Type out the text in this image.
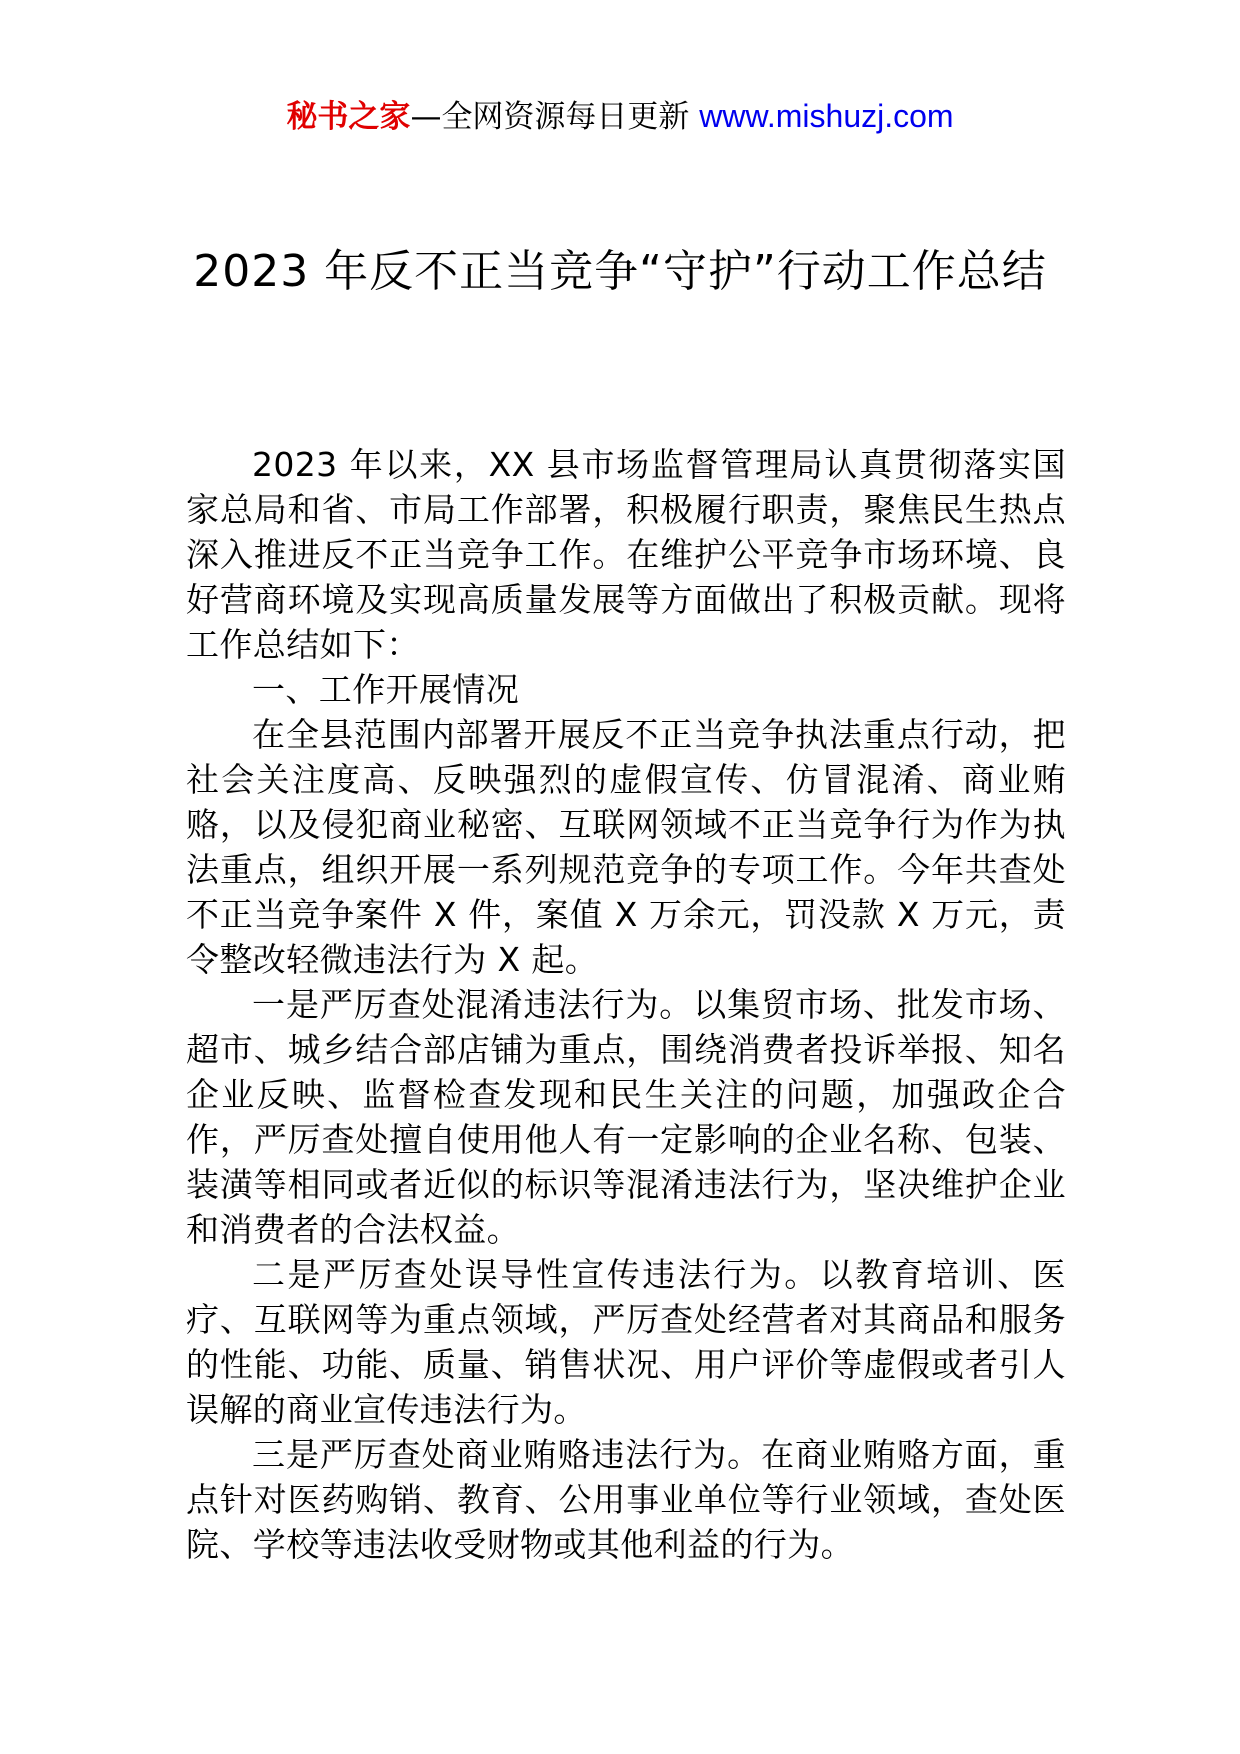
秘书之家—全网资源每日更新 www.mishuzj.com
2023 年反不正当竞争“守护”行动工作总结

2023 年以来，XX 县市场监督管理局认真贯彻落实国家总局和省、市局工作部署，积极履行职责，聚焦民生热点深入推进反不正当竞争工作。在维护公平竞争市场环境、良好营商环境及实现高质量发展等方面做出了积极贡献。现将工作总结如下：

一、工作开展情况

在全县范围内部署开展反不正当竞争执法重点行动，把社会关注度高、反映强烈的虚假宣传、仿冒混淆、商业贿赂，以及侵犯商业秘密、互联网领域不正当竞争行为作为执法重点，组织开展一系列规范竞争的专项工作。今年共查处不正当竞争案件 X 件，案值 X 万余元，罚没款 X 万元，责令整改轻微违法行为 X 起。

一是严厉查处混淆违法行为。以集贸市场、批发市场、超市、城乡结合部店铺为重点，围绕消费者投诉举报、知名企业反映、监督检查发现和民生关注的问题，加强政企合作，严厉查处擅自使用他人有一定影响的企业名称、包装、装潢等相同或者近似的标识等混淆违法行为，坚决维护企业和消费者的合法权益。

二是严厉查处误导性宣传违法行为。以教育培训、医疗、互联网等为重点领域，严厉查处经营者对其商品和服务的性能、功能、质量、销售状况、用户评价等虚假或者引人误解的商业宣传违法行为。

三是严厉查处商业贿赂违法行为。在商业贿赂方面，重点针对医药购销、教育、公用事业单位等行业领域，查处医院、学校等违法收受财物或其他利益的行为。
